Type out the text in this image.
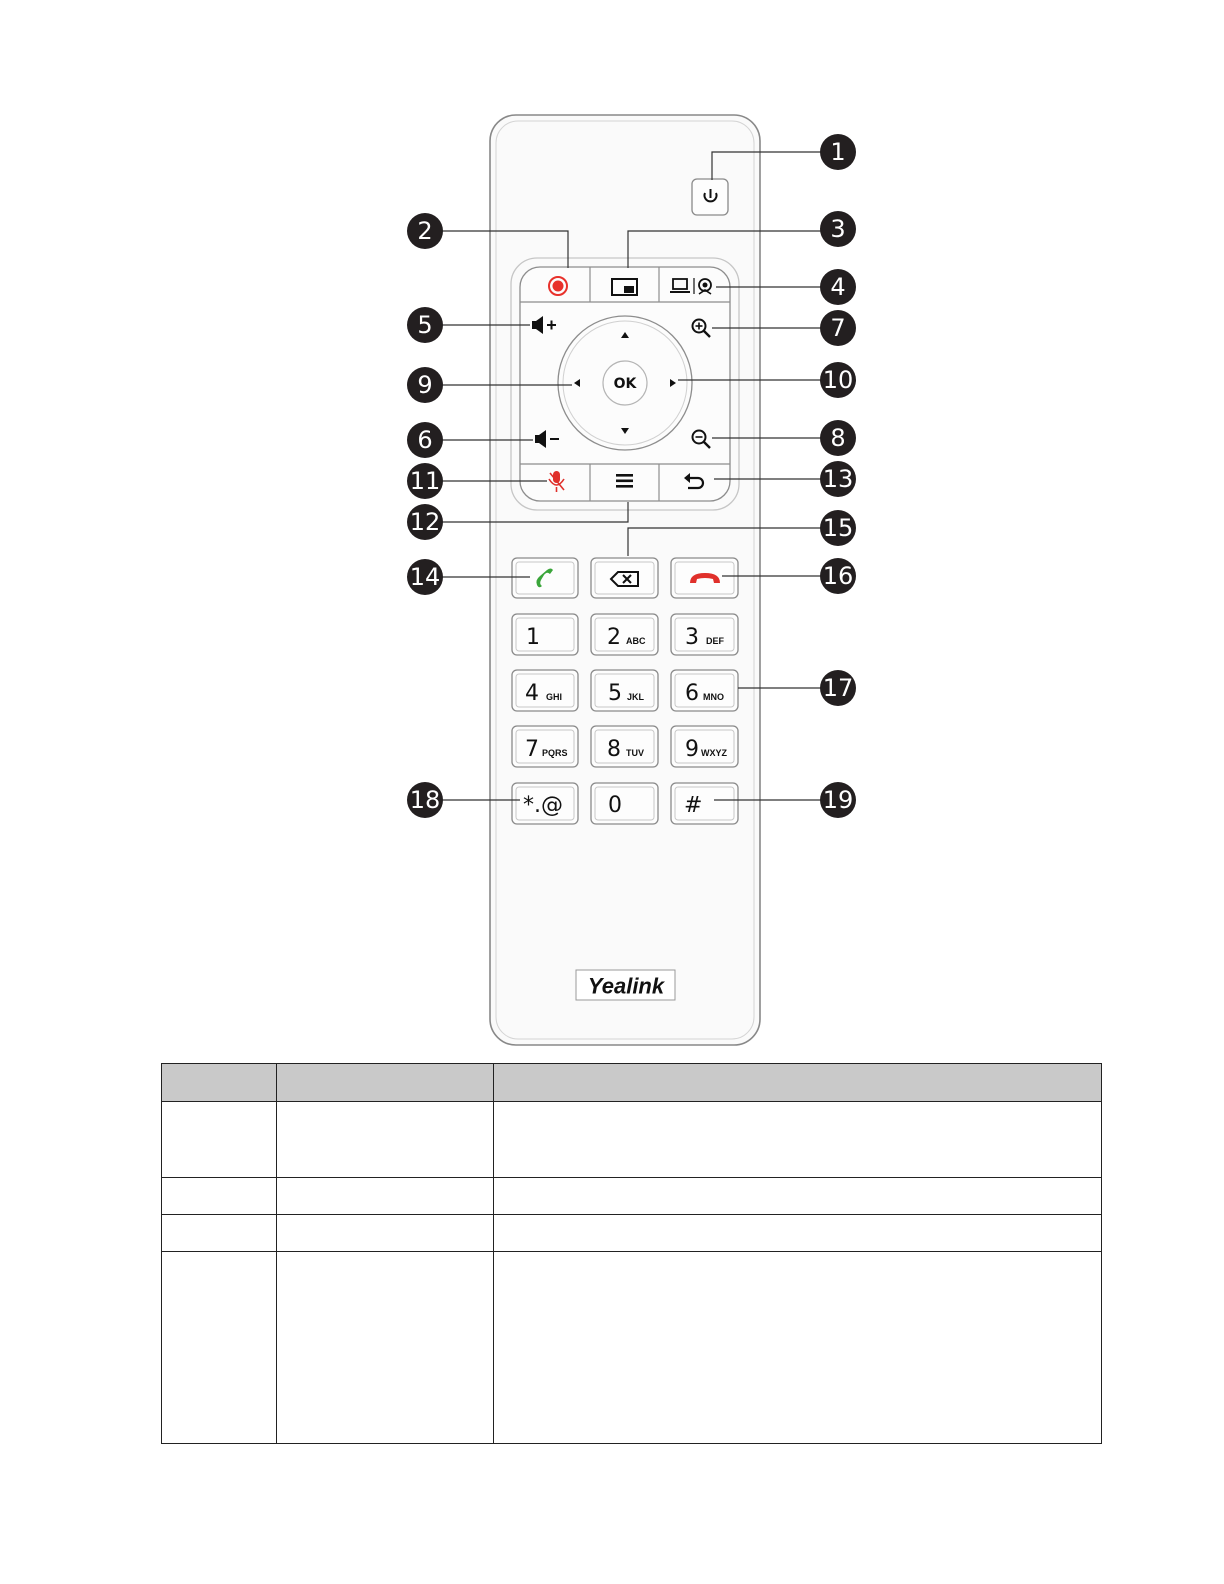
OK
1	2 ABC 3 DEF
4 GHI 5 JKL 6 MNO
7 PQRS 8 TUV 9 WXYZ
*.@ 0	#
Yealink
1
2	3
4
5
6
7
8
9	10
11
12
13
14
15
16
17
18	19
